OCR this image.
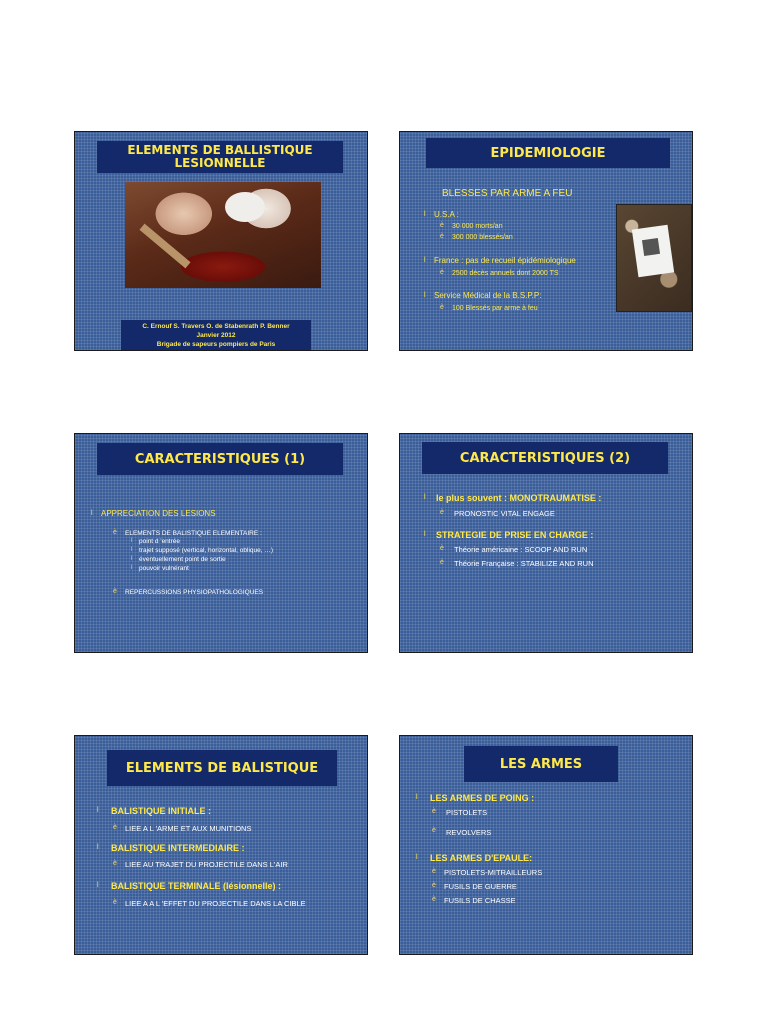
ELEMENTS DE BALLISTIQUE
LESIONNELLE
C. Ernouf S. Travers O. de Stabenrath P. Benner
Janvier 2012
Brigade de sapeurs pompiers de Paris
EPIDEMIOLOGIE
BLESSES PAR ARME A FEU
l U.S.A :
è 30 000 morts/an
è 300 000 blessés/an
l France : pas de recueil épidémiologique
è 2500 décès annuels dont 2000 TS
l Service Médical de la B.S.P.P:
è 100 Blessés par arme à feu
CARACTERISTIQUES (1)
l APPRECIATION DES LESIONS
è ELEMENTS DE BALISTIQUE ELEMENTAIRE :
l point d 'entrée
l trajet supposé (vertical, horizontal, oblique, …)
l éventuellement point de sortie
l pouvoir vulnérant
è REPERCUSSIONS PHYSIOPATHOLOGIQUES
CARACTERISTIQUES (2)
l le plus souvent : MONOTRAUMATISE :
è PRONOSTIC VITAL ENGAGE
l STRATEGIE DE PRISE EN CHARGE :
è Théorie américaine : SCOOP AND RUN
è Théorie Française : STABILIZE AND RUN
ELEMENTS DE BALISTIQUE
l BALISTIQUE INITIALE :
è LIEE A L 'ARME ET AUX MUNITIONS
l BALISTIQUE INTERMEDIAIRE :
è LIEE AU TRAJET DU PROJECTILE DANS L'AIR
l BALISTIQUE TERMINALE (lésionnelle) :
è LIEE A A L 'EFFET DU PROJECTILE DANS LA CIBLE
LES ARMES
l LES ARMES DE POING :
è PISTOLETS
è REVOLVERS
l LES ARMES D'EPAULE:
è PISTOLETS-MITRAILLEURS
è FUSILS DE GUERRE
è FUSILS DE CHASSE
